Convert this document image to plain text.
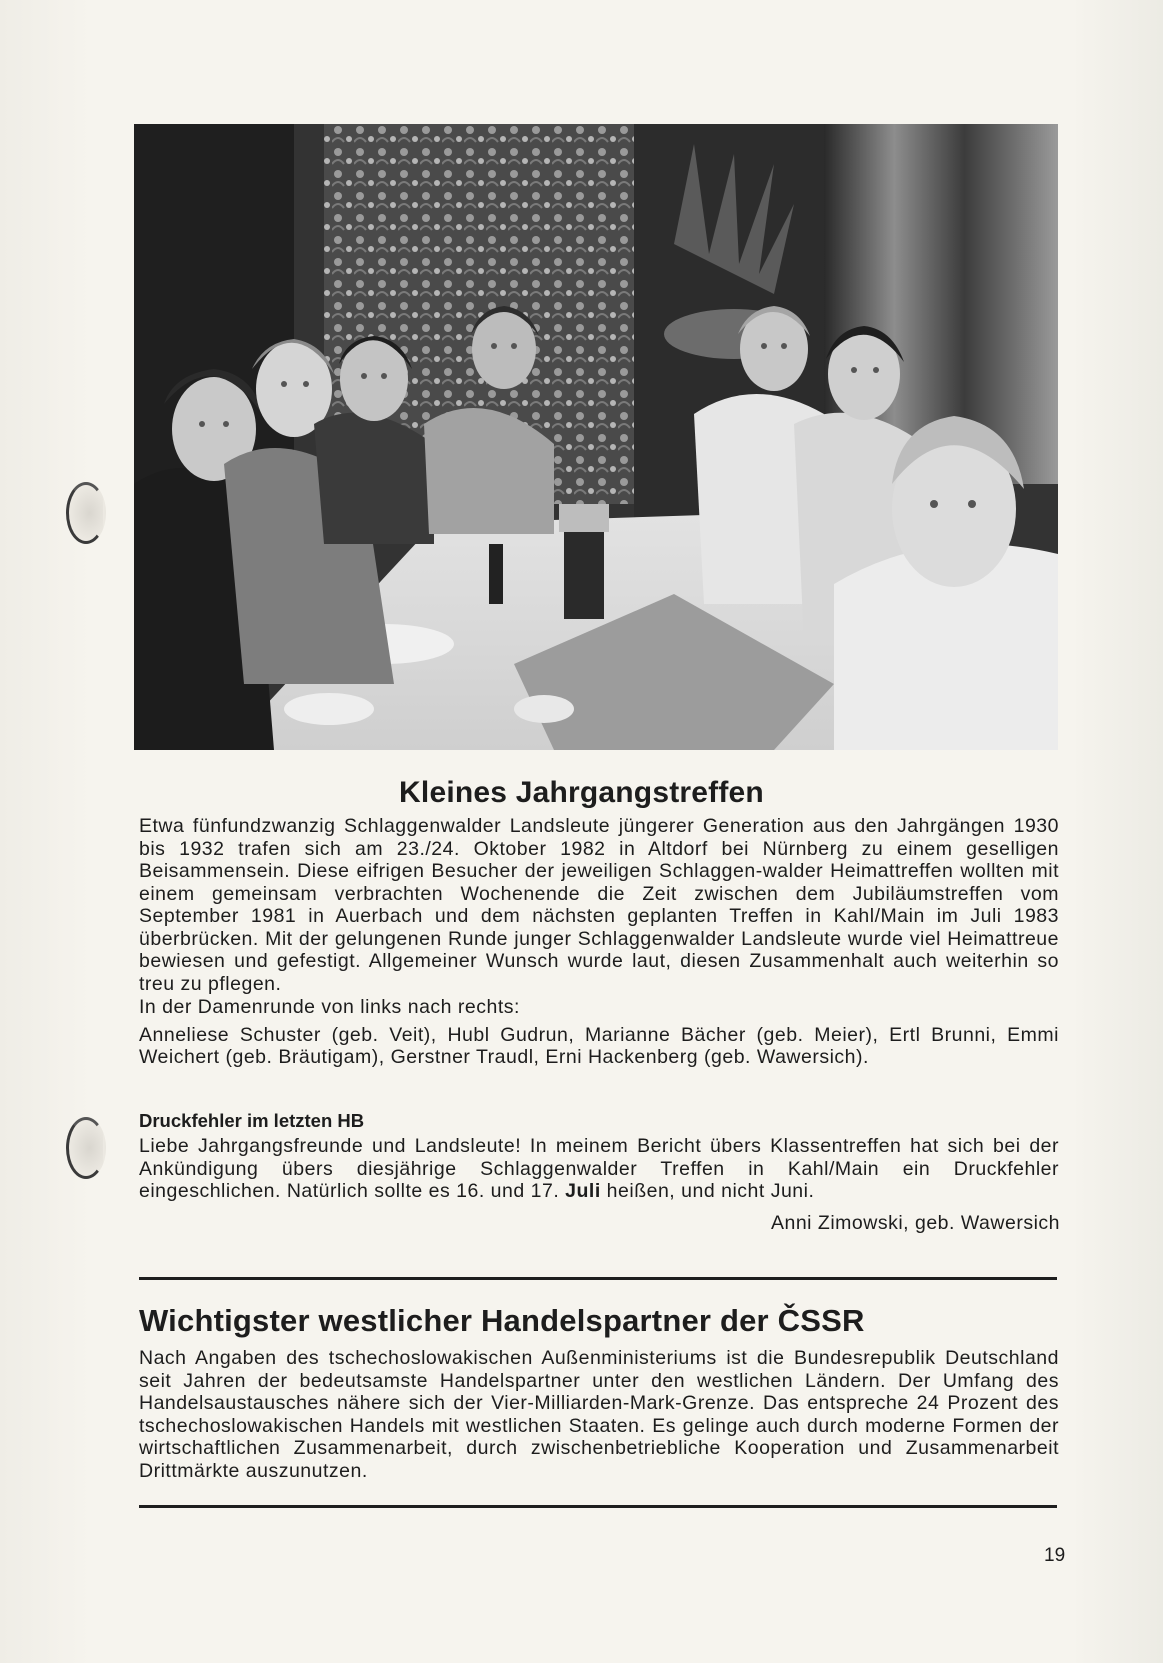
Kleines Jahrgangstreffen

Etwa fünfundzwanzig Schlaggenwalder Landsleute jüngerer Generation aus den Jahrgängen 1930 bis 1932 trafen sich am 23./24. Oktober 1982 in Altdorf bei Nürnberg zu einem geselligen Beisammensein. Diese eifrigen Besucher der jeweiligen Schlaggen-walder Heimattreffen wollten mit einem gemeinsam verbrachten Wochenende die Zeit zwischen dem Jubiläumstreffen vom September 1981 in Auerbach und dem nächsten geplanten Treffen in Kahl/Main im Juli 1983 überbrücken. Mit der gelungenen Runde junger Schlaggenwalder Landsleute wurde viel Heimattreue bewiesen und gefestigt. Allgemeiner Wunsch wurde laut, diesen Zusammenhalt auch weiterhin so treu zu pflegen.

In der Damenrunde von links nach rechts:

Anneliese Schuster (geb. Veit), Hubl Gudrun, Marianne Bächer (geb. Meier), Ertl Brunni, Emmi Weichert (geb. Bräutigam), Gerstner Traudl, Erni Hackenberg (geb. Wawersich).

Druckfehler im letzten HB

Liebe Jahrgangsfreunde und Landsleute! In meinem Bericht übers Klassentreffen hat sich bei der Ankündigung übers diesjährige Schlaggenwalder Treffen in Kahl/Main ein Druckfehler eingeschlichen. Natürlich sollte es 16. und 17. Juli heißen, und nicht Juni.

Anni Zimowski, geb. Wawersich
Wichtigster westlicher Handelspartner der ČSSR

Nach Angaben des tschechoslowakischen Außenministeriums ist die Bundesrepublik Deutschland seit Jahren der bedeutsamste Handelspartner unter den westlichen Ländern. Der Umfang des Handelsaustausches nähere sich der Vier-Milliarden-Mark-Grenze. Das entspreche 24 Prozent des tschechoslowakischen Handels mit westlichen Staaten. Es gelinge auch durch moderne Formen der wirtschaftlichen Zusammenarbeit, durch zwischenbetriebliche Kooperation und Zusammenarbeit Drittmärkte auszunutzen.

19
